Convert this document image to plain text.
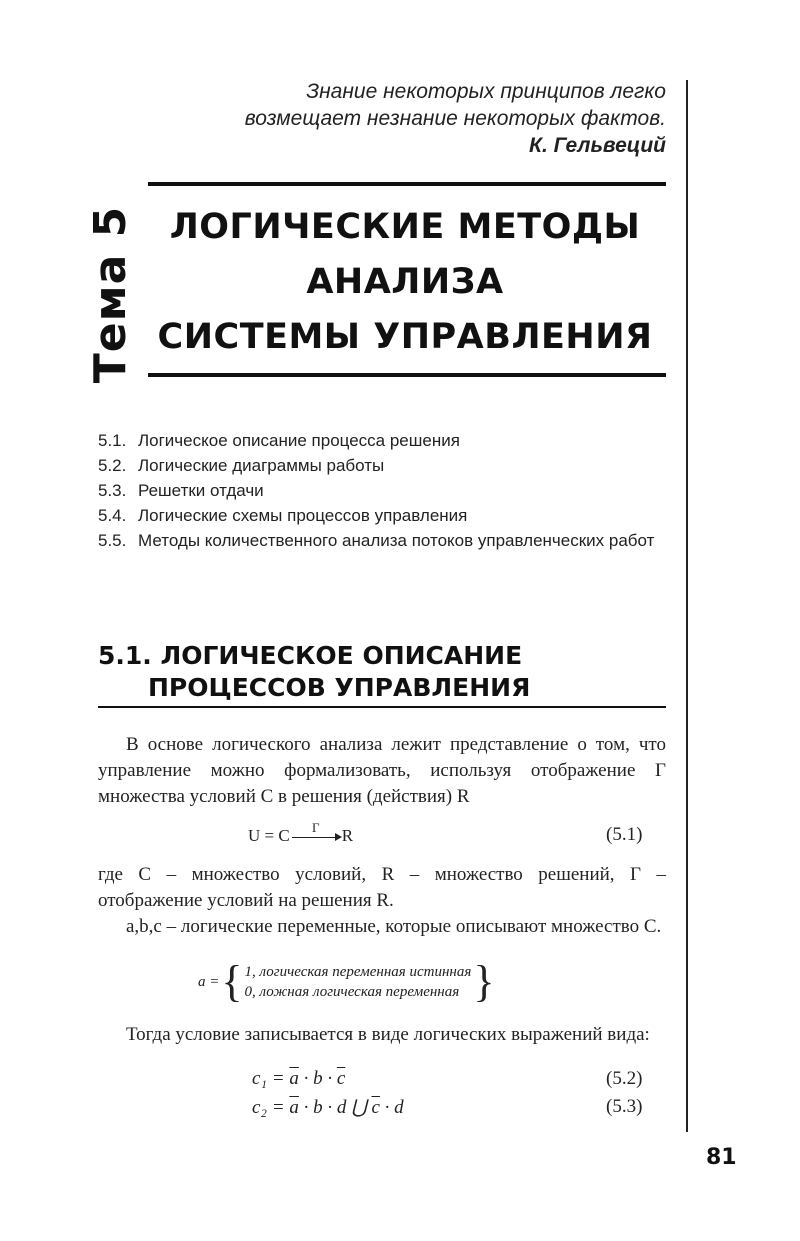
Знание некоторых принципов легко
возмещает незнание некоторых фактов.
К. Гельвеций
Тема 5 ЛОГИЧЕСКИЕ МЕТОДЫ
АНАЛИЗА
СИСТЕМЫ УПРАВЛЕНИЯ
5.1. Логическое описание процесса решения
5.2. Логические диаграммы работы
5.3. Решетки отдачи
5.4. Логические схемы процессов управления
5.5. Методы количественного анализа потоков управленческих работ
5.1. ЛОГИЧЕСКОЕ ОПИСАНИЕ
ПРОЦЕССОВ УПРАВЛЕНИЯ

В основе логического анализа лежит представление о том, что управление можно формализовать, используя отображение Г множества условий С в решения (действия) R

U = C	Г	R	(5.1)

где С – множество условий, R – множество решений, Г – отображение условий на решения R.

a,b,c – логические переменные, которые описывают множество С.

a = { 1, логическая переменная истинная
0, ложная логическая переменная }

Тогда условие записывается в виде логических выражений вида:

$c_1 = \overline{a} \cdot b \cdot \overline{c}$	(5.2)
$c_2 = \overline{a} \cdot b \cdot d$ ⋃ $\overline{c} \cdot d$	(5.3)
81
